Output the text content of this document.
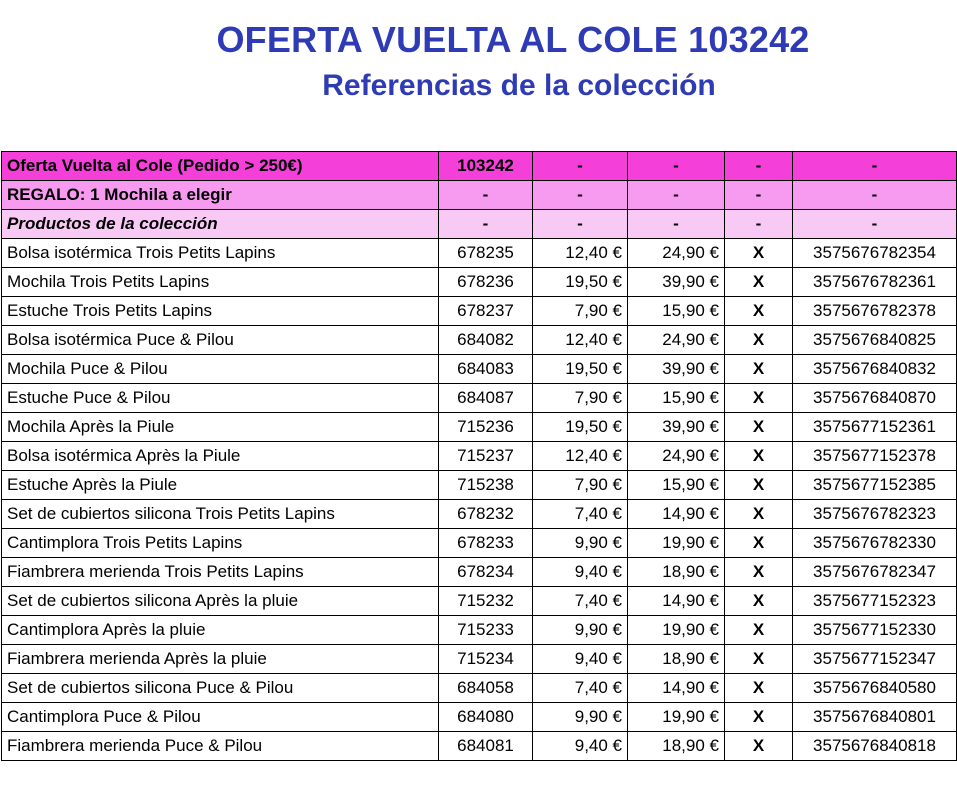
OFERTA VUELTA AL COLE 103242
Referencias de la colección
Oferta Vuelta al Cole (Pedido > 250€)	103242	-	-	-	-
REGALO: 1 Mochila a elegir	-	-	-	-	-
Productos de la colección	-	-	-	-	-
Bolsa isotérmica Trois Petits Lapins	678235	12,40 €	24,90 €	X	3575676782354
Mochila Trois Petits Lapins	678236	19,50 €	39,90 €	X	3575676782361
Estuche Trois Petits Lapins	678237	7,90 €	15,90 €	X	3575676782378
Bolsa isotérmica Puce & Pilou	684082	12,40 €	24,90 €	X	3575676840825
Mochila Puce & Pilou	684083	19,50 €	39,90 €	X	3575676840832
Estuche Puce & Pilou	684087	7,90 €	15,90 €	X	3575676840870
Mochila Après la Piule	715236	19,50 €	39,90 €	X	3575677152361
Bolsa isotérmica Après la Piule	715237	12,40 €	24,90 €	X	3575677152378
Estuche Après la Piule	715238	7,90 €	15,90 €	X	3575677152385
Set de cubiertos silicona Trois Petits Lapins	678232	7,40 €	14,90 €	X	3575676782323
Cantimplora Trois Petits Lapins	678233	9,90 €	19,90 €	X	3575676782330
Fiambrera merienda Trois Petits Lapins	678234	9,40 €	18,90 €	X	3575676782347
Set de cubiertos silicona Après la pluie	715232	7,40 €	14,90 €	X	3575677152323
Cantimplora Après la pluie	715233	9,90 €	19,90 €	X	3575677152330
Fiambrera merienda Après la pluie	715234	9,40 €	18,90 €	X	3575677152347
Set de cubiertos silicona Puce & Pilou	684058	7,40 €	14,90 €	X	3575676840580
Cantimplora Puce & Pilou	684080	9,90 €	19,90 €	X	3575676840801
Fiambrera merienda Puce & Pilou	684081	9,40 €	18,90 €	X	3575676840818
